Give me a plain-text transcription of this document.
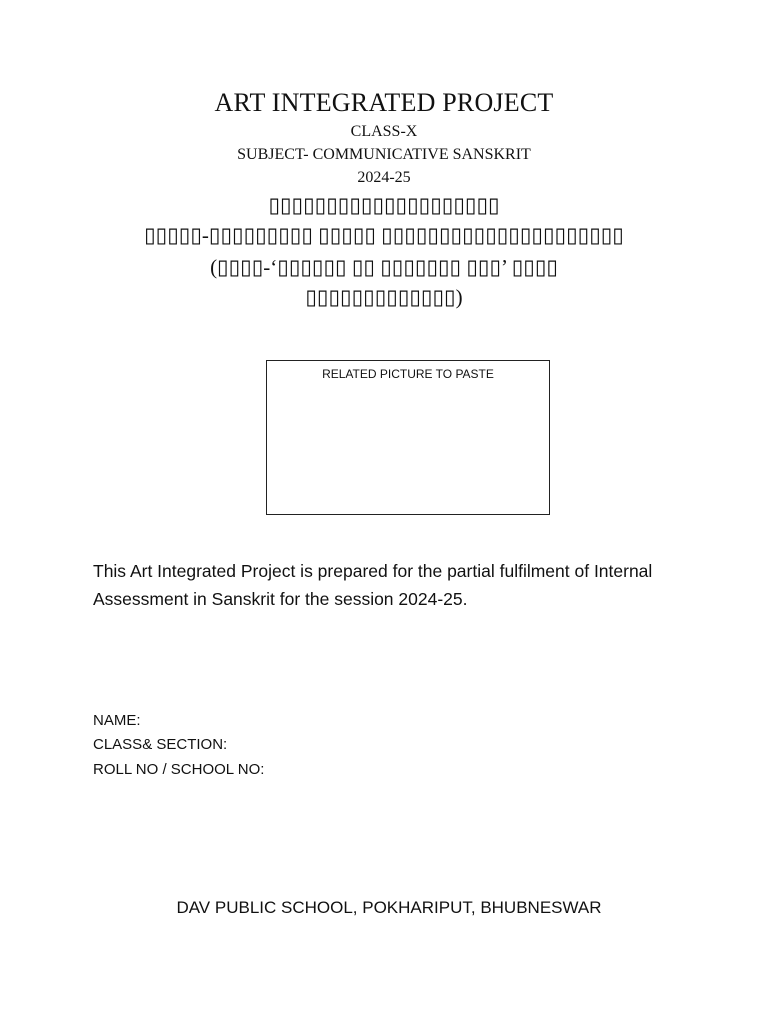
ART INTEGRATED PROJECT
CLASS-X
SUBJECT- COMMUNICATIVE SANSKRIT
2024-25
▯▯▯▯▯▯▯▯▯▯▯▯▯▯▯▯▯▯▯▯
▯▯▯▯▯-▯▯▯▯▯▯▯▯▯ ▯▯▯▯▯ ▯▯▯▯▯▯▯▯▯▯▯▯▯▯▯▯▯▯▯▯▯
(▯▯▯▯-‘▯▯▯▯▯▯ ▯▯ ▯▯▯▯▯▯▯ ▯▯▯’ ▯▯▯▯
▯▯▯▯▯▯▯▯▯▯▯▯▯)
RELATED PICTURE TO PASTE
This Art Integrated Project is prepared for the partial fulfilment of Internal Assessment in Sanskrit for the session 2024-25.
NAME:
CLASS& SECTION:
ROLL NO / SCHOOL NO:
DAV PUBLIC SCHOOL, POKHARIPUT, BHUBNESWAR
